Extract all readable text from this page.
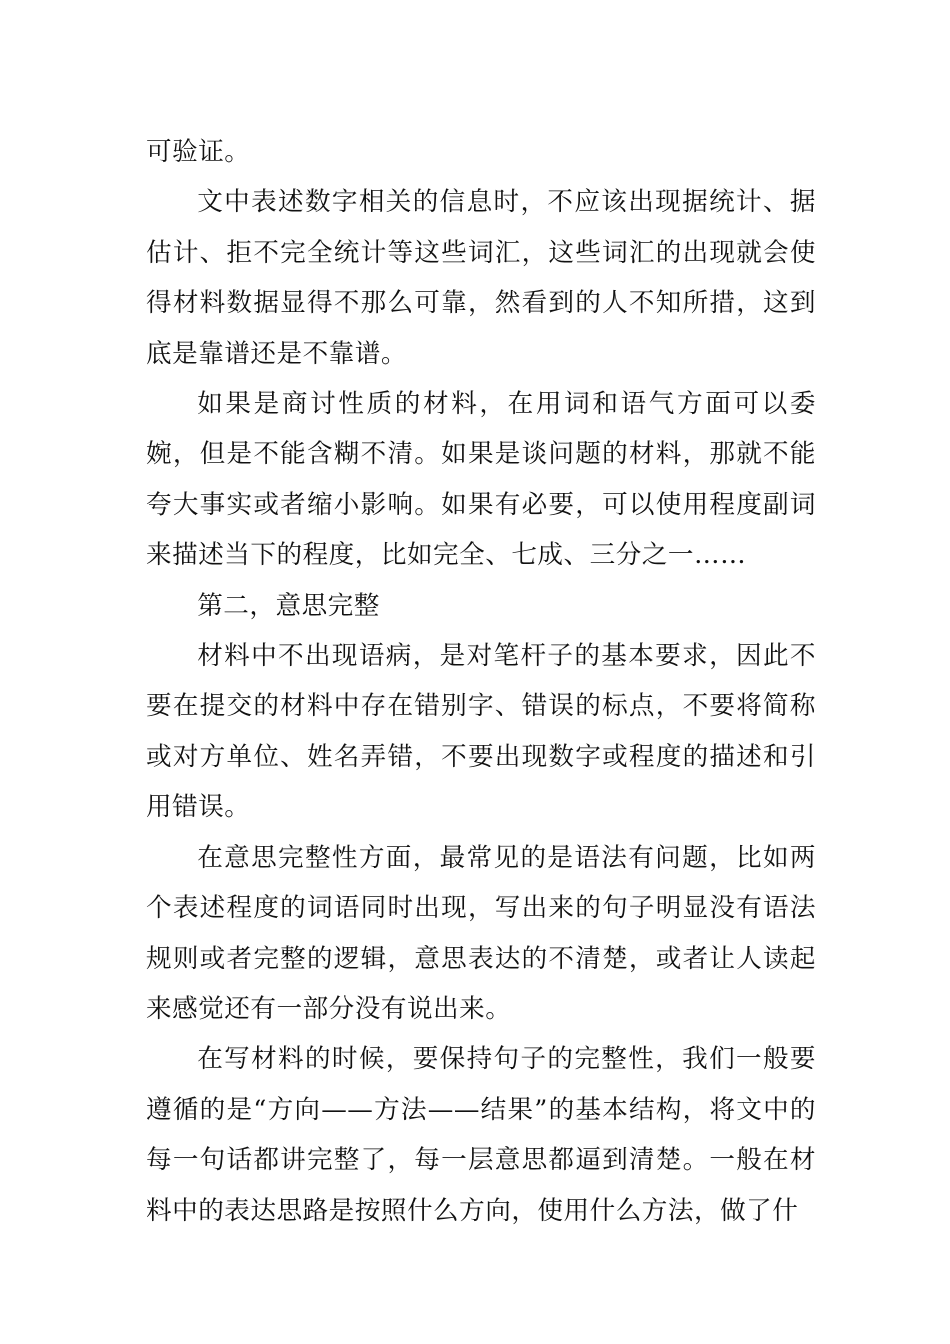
可验证。

文中表述数字相关的信息时，不应该出现据统计、据估计、拒不完全统计等这些词汇，这些词汇的出现就会使得材料数据显得不那么可靠，然看到的人不知所措，这到底是靠谱还是不靠谱。

如果是商讨性质的材料，在用词和语气方面可以委婉，但是不能含糊不清。如果是谈问题的材料，那就不能夸大事实或者缩小影响。如果有必要，可以使用程度副词来描述当下的程度，比如完全、七成、三分之一……

第二，意思完整

材料中不出现语病，是对笔杆子的基本要求，因此不要在提交的材料中存在错别字、错误的标点，不要将简称或对方单位、姓名弄错，不要出现数字或程度的描述和引用错误。

在意思完整性方面，最常见的是语法有问题，比如两个表述程度的词语同时出现，写出来的句子明显没有语法规则或者完整的逻辑，意思表达的不清楚，或者让人读起来感觉还有一部分没有说出来。

在写材料的时候，要保持句子的完整性，我们一般要遵循的是“方向——方法——结果”的基本结构，将文中的每一句话都讲完整了，每一层意思都逼到清楚。一般在材料中的表达思路是按照什么方向，使用什么方法，做了什
